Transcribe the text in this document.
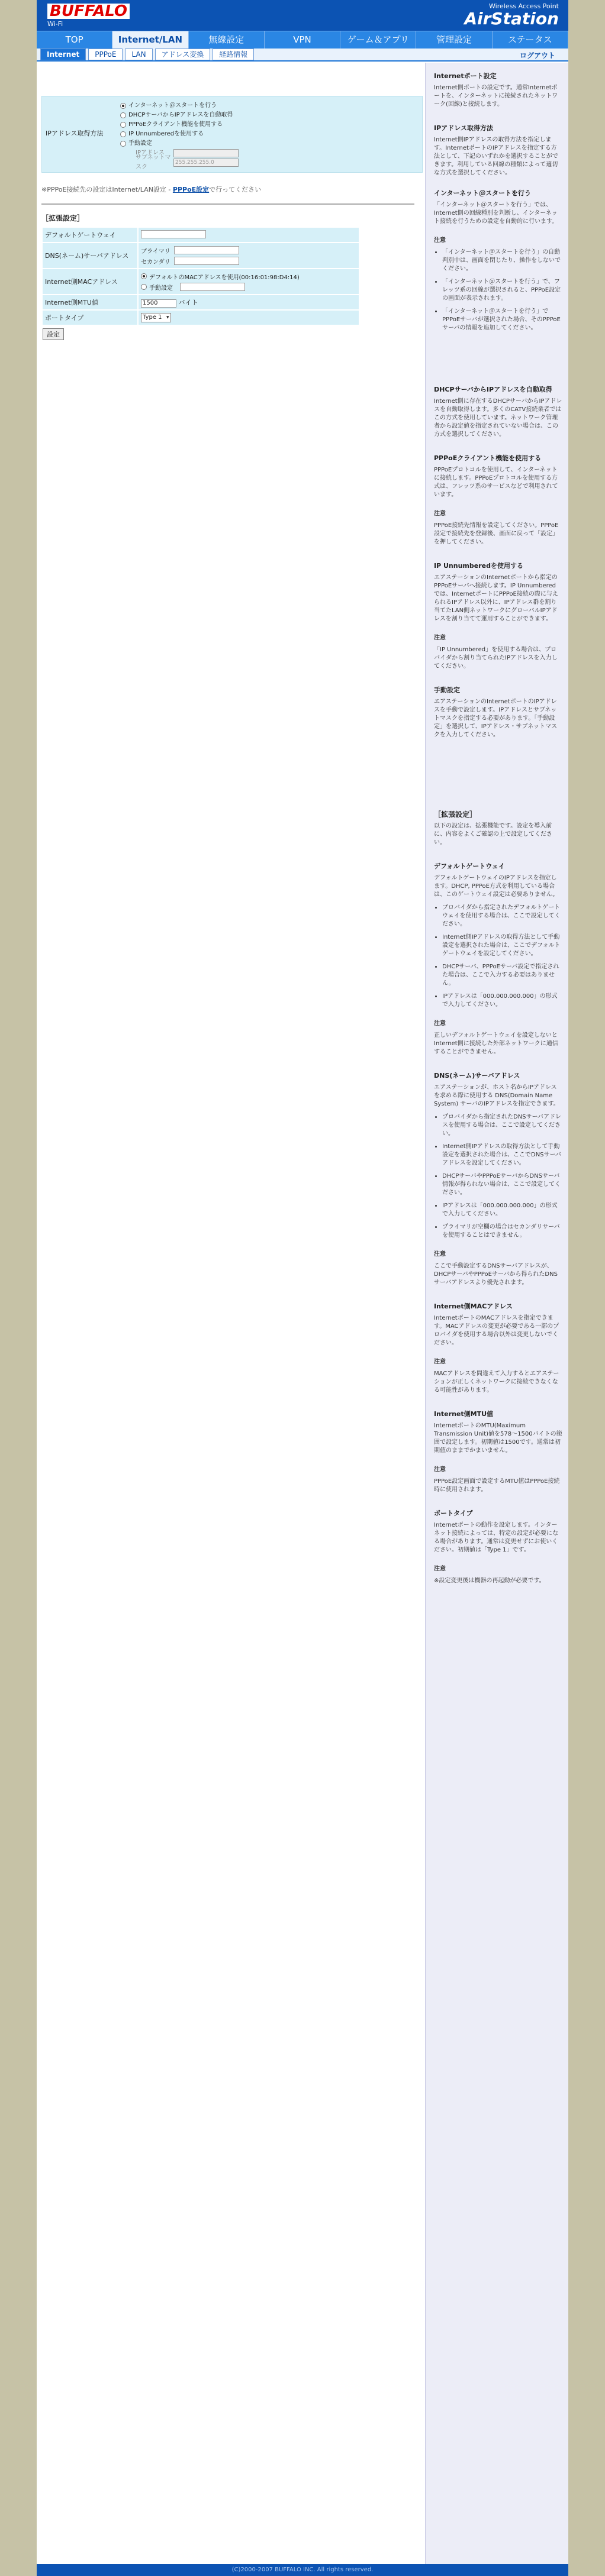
BUFFALO
Wi-Fi
Wireless Access Point
AirStation
TOP	Internet/LAN	無線設定	VPN	ゲーム＆アプリ	管理設定	ステータス
Internet	PPPoE	LAN	アドレス変換	経路情報	ログアウト
IPアドレス取得方法
インターネット＠スタートを行う
DHCPサーバからIPアドレスを自動取得
PPPoEクライアント機能を使用する
IP Unnumberedを使用する
手動設定
IPアドレス
サブネットマスク
255.255.255.0
※PPPoE接続先の設定はInternet/LAN設定 - PPPoE設定で行ってください
［拡張設定］
デフォルトゲートウェイ	
DNS(ネーム)サーバアドレス	プライマリ
セカンダリ

Internet側MACアドレス	デフォルトのMACアドレスを使用(00:16:01:98:D4:14)
手動設定

Internet側MTU値	1500 バイト
ポートタイプ	Type 1 ▾
設定
Internetポート設定

Internet側ポートの設定です。通常Internetポートを、インターネットに接続されたネットワーク(回線)と接続します。

IPアドレス取得方法

Internet側IPアドレスの取得方法を指定します。InternetポートのIPアドレスを指定する方法として、下記のいずれかを選択することができます。利用している回線の種類によって適切な方式を選択してください。

インターネット＠スタートを行う

「インターネット＠スタートを行う」では、Internet側の回線種別を判断し、インターネット接続を行うための設定を自動的に行います。

注意
• 「インターネット＠スタートを行う」の自動判別中は、画面を閉じたり、操作をしないでください。
• 「インターネット＠スタートを行う」で、フレッツ系の回線が選択されると、PPPoE設定の画面が表示されます。
• 「インターネット＠スタートを行う」でPPPoEサーバが選択された場合、そのPPPoEサーバの情報を追加してください。
DHCPサーバからIPアドレスを自動取得

Internet側に存在するDHCPサーバからIPアドレスを自動取得します。多くのCATV接続業者ではこの方式を使用しています。ネットワーク管理者から設定値を指定されていない場合は、この方式を選択してください。

PPPoEクライアント機能を使用する

PPPoEプロトコルを使用して、インターネットに接続します。PPPoEプロトコルを使用する方式は、フレッツ系のサービスなどで利用されています。

注意

PPPoE接続先情報を設定してください。PPPoE設定で接続先を登録後、画面に戻って「設定」を押してください。

IP Unnumberedを使用する

エアステーションのInternetポートから指定のPPPoEサーバへ接続します。IP Unnumbered では、InternetポートにPPPoE接続の際に与えられるIPアドレス以外に、IPアドレス群を割り当てたLAN側ネットワークにグローバルIPアドレスを割り当てて運用することができます。

注意

「IP Unnumbered」を使用する場合は、プロバイダから割り当てられたIPアドレスを入力してください。

手動設定

エアステーションのInternetポートのIPアドレスを手動で設定します。IPアドレスとサブネットマスクを指定する必要があります。「手動設定」を選択して、IPアドレス・サブネットマスクを入力してください。

［拡張設定］

以下の設定は、拡張機能です。設定を導入前に、内容をよくご確認の上で設定してください。

デフォルトゲートウェイ

デフォルトゲートウェイのIPアドレスを指定します。DHCP, PPPoE方式を利用している場合は、このゲートウェイ設定は必要ありません。

• プロバイダから指定されたデフォルトゲートウェイを使用する場合は、ここで設定してください。
• Internet側IPアドレスの取得方法として手動設定を選択された場合は、ここでデフォルトゲートウェイを設定してください。
• DHCPサーバ、PPPoEサーバ設定で指定された場合は、ここで入力する必要はありません。
• IPアドレスは「000.000.000.000」の形式で入力してください。
注意

正しいデフォルトゲートウェイを設定しないとInternet側に接続した外部ネットワークに通信することができません。

DNS(ネーム)サーバアドレス

エアステーションが、ホスト名からIPアドレスを求める際に使用する DNS(Domain Name System) サーバのIPアドレスを指定できます。

• プロバイダから指定されたDNSサーバアドレスを使用する場合は、ここで設定してください。
• Internet側IPアドレスの取得方法として手動設定を選択された場合は、ここでDNSサーバアドレスを設定してください。
• DHCPサーバやPPPoEサーバからDNSサーバ情報が得られない場合は、ここで設定してください。
• IPアドレスは「000.000.000.000」の形式で入力してください。
• プライマリが空欄の場合はセカンダリサーバを使用することはできません。
注意

ここで手動設定するDNSサーバアドレスが、DHCPサーバやPPPoEサーバから得られたDNSサーバアドレスより優先されます。

Internet側MACアドレス

InternetポートのMACアドレスを指定できます。MACアドレスの変更が必要である一部のプロバイダを使用する場合以外は変更しないでください。

注意

MACアドレスを間違えて入力するとエアステーションが正しくネットワークに接続できなくなる可能性があります。

Internet側MTU値

InternetポートのMTU(Maximum Transmission Unit)値を578～1500バイトの範囲で設定します。初期値は1500です。通常は初期値のままでかまいません。

注意

PPPoE設定画面で設定するMTU値はPPPoE接続時に使用されます。

ポートタイプ

Internetポートの動作を設定します。インターネット接続によっては、特定の設定が必要になる場合があります。通常は変更せずにお使いください。初期値は「Type 1」です。

注意

※設定変更後は機器の再起動が必要です。

(C)2000-2007 BUFFALO INC. All rights reserved.
